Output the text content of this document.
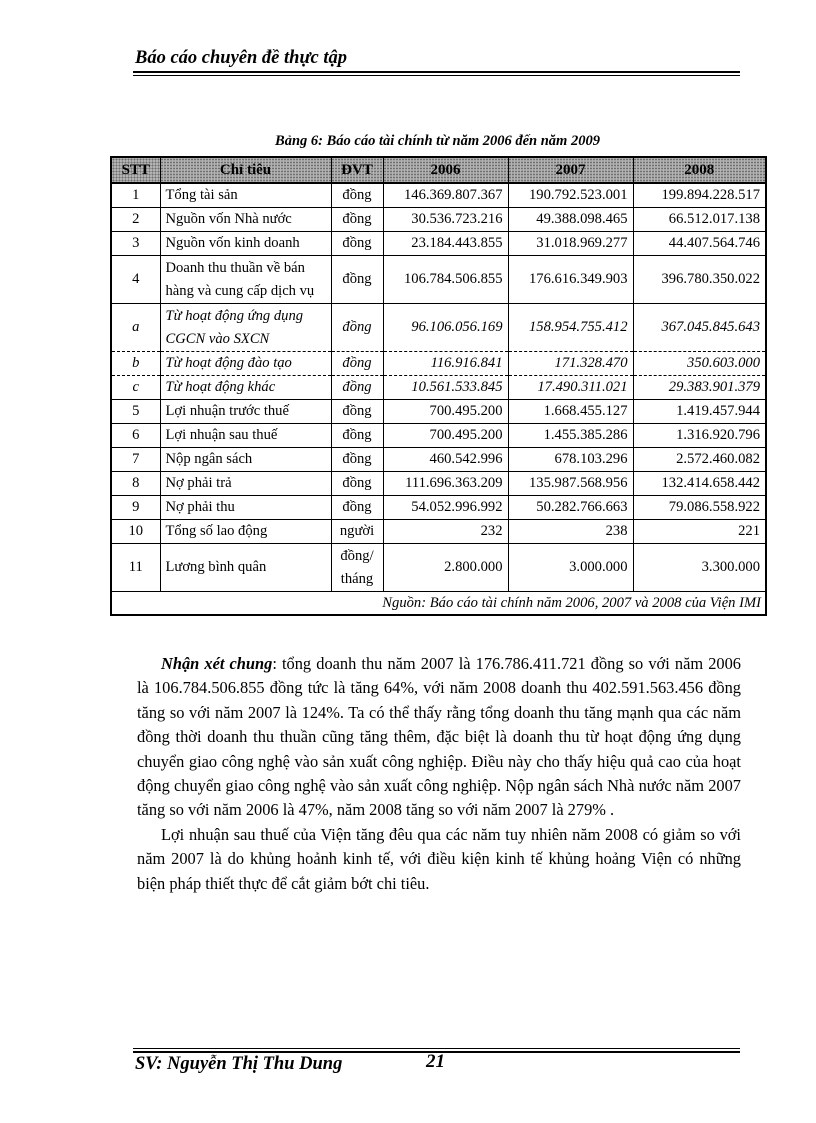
Báo cáo chuyên đề thực tập
Bảng 6: Báo cáo tài chính từ năm 2006 đến năm 2009
STT	Chỉ tiêu	ĐVT	2006	2007	2008
1	Tổng tài sản	đồng	146.369.807.367	190.792.523.001	199.894.228.517
2	Nguồn vốn Nhà nước	đồng	30.536.723.216	49.388.098.465	66.512.017.138
3	Nguồn vốn kinh doanh	đồng	23.184.443.855	31.018.969.277	44.407.564.746
4	Doanh thu thuần về bán hàng và cung cấp dịch vụ	đồng	106.784.506.855	176.616.349.903	396.780.350.022
a	Từ hoạt động ứng dụng CGCN vào SXCN	đồng	96.106.056.169	158.954.755.412	367.045.845.643
b	Từ hoạt động đào tạo	đồng	116.916.841	171.328.470	350.603.000
c	Từ hoạt động khác	đồng	10.561.533.845	17.490.311.021	29.383.901.379
5	Lợi nhuận trước thuế	đồng	700.495.200	1.668.455.127	1.419.457.944
6	Lợi nhuận sau thuế	đồng	700.495.200	1.455.385.286	1.316.920.796
7	Nộp ngân sách	đồng	460.542.996	678.103.296	2.572.460.082
8	Nợ phải trả	đồng	111.696.363.209	135.987.568.956	132.414.658.442
9	Nợ phải thu	đồng	54.052.996.992	50.282.766.663	79.086.558.922
10	Tổng số lao động	người	232	238	221
11	Lương bình quân	đồng/ tháng	2.800.000	3.000.000	3.300.000
Nguồn: Báo cáo tài chính năm 2006, 2007 và 2008 của Viện IMI					

Nhận xét chung: tổng doanh thu năm 2007 là 176.786.411.721 đồng so với năm 2006 là 106.784.506.855 đồng tức là tăng 64%, với năm 2008 doanh thu 402.591.563.456 đồng tăng so với năm 2007 là 124%. Ta có thể thấy rằng tổng doanh thu tăng mạnh qua các năm đồng thời doanh thu thuần cũng tăng thêm, đặc biệt là doanh thu từ hoạt động ứng dụng chuyển giao công nghệ vào sản xuất công nghiệp. Điều này cho thấy hiệu quả cao của hoạt động chuyển giao công nghệ vào sản xuất công nghiệp. Nộp ngân sách Nhà nước năm 2007 tăng so với năm 2006 là 47%, năm 2008 tăng so với năm 2007 là 279% .

Lợi nhuận sau thuế của Viện tăng đêu qua các năm tuy nhiên năm 2008 có giảm so với năm 2007 là do khủng hoảnh kinh tế, với điều kiện kinh tế khủng hoảng Viện có những biện pháp thiết thực để cắt giảm bớt chi tiêu.

SV: Nguyễn Thị Thu Dung	21
